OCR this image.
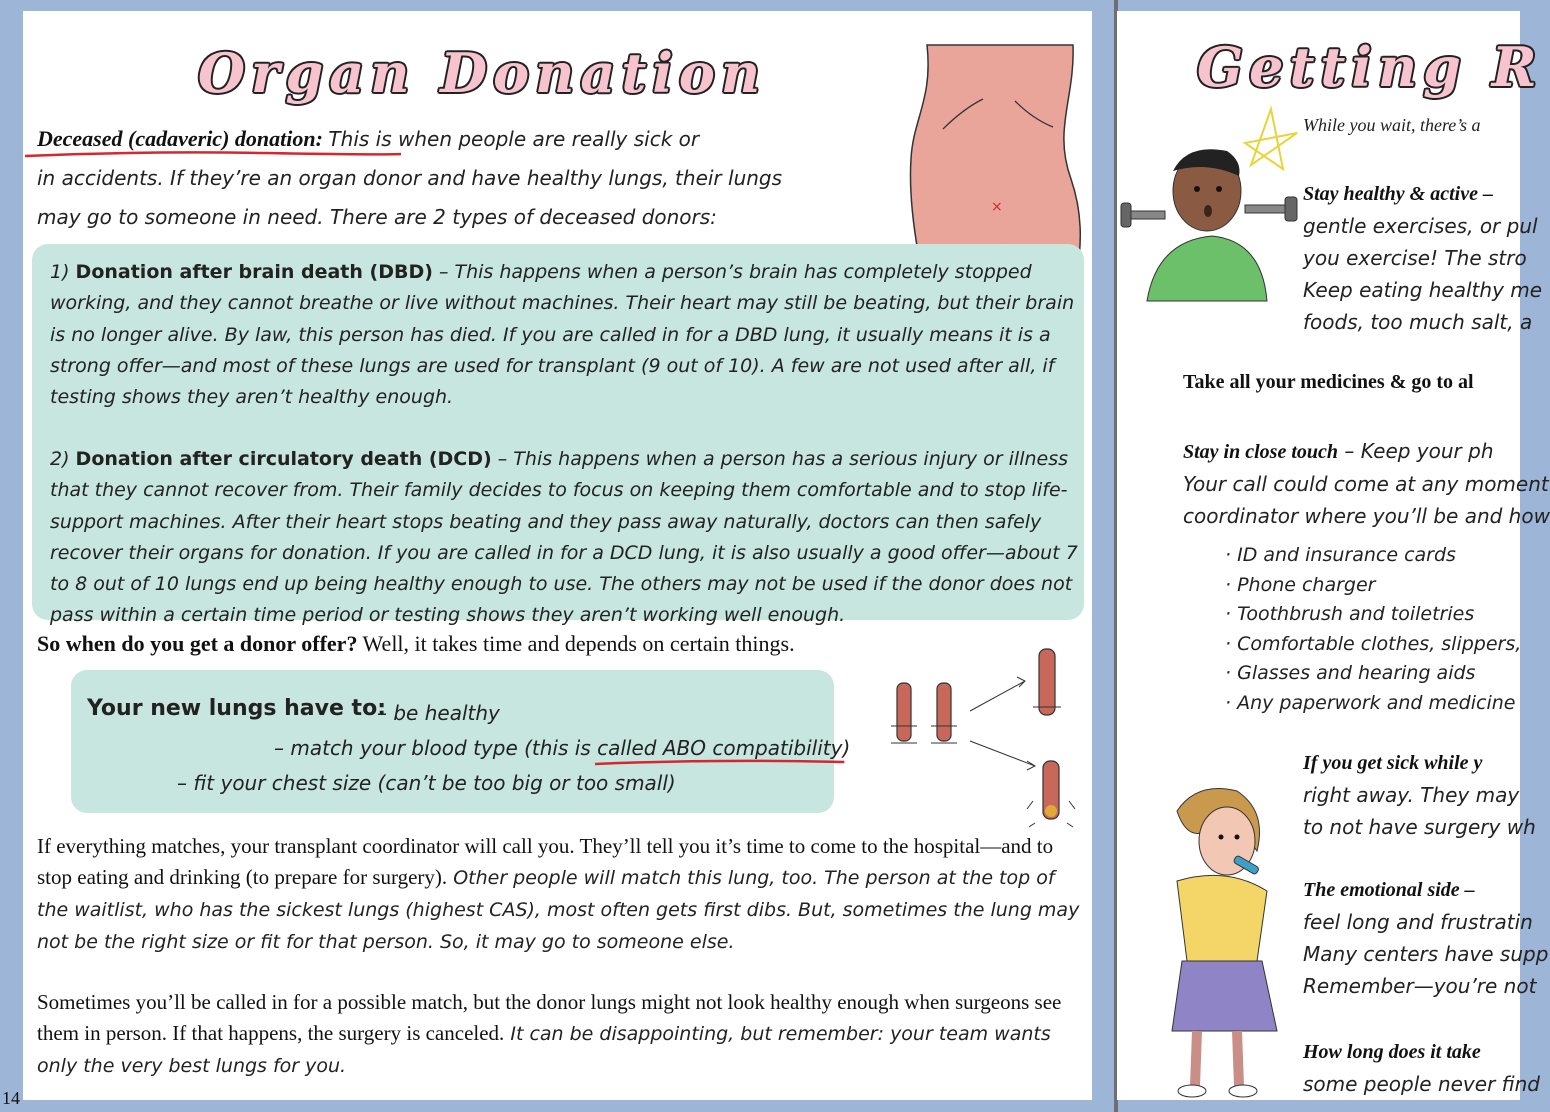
Organ Donation
×
Deceased (cadaveric) donation:
This is when people are really sick or
in accidents. If they’re an organ donor and have healthy lungs, their lungs
may go to someone in need. There are 2 types of deceased donors:
1) Donation after brain death (DBD) – This happens when a person’s brain has completely stopped working, and they cannot breathe or live without machines. Their heart may still be beating, but their brain is no longer alive. By law, this person has died. If you are called in for a DBD lung, it usually means it is a strong offer—and most of these lungs are used for transplant (9 out of 10). A few are not used after all, if testing shows they aren’t healthy enough.
2) Donation after circulatory death (DCD) – This happens when a person has a serious injury or illness that they cannot recover from. Their family decides to focus on keeping them comfortable and to stop life-support machines. After their heart stops beating and they pass away naturally, doctors can then safely recover their organs for donation. If you are called in for a DCD lung, it is also usually a good offer—about 7 to 8 out of 10 lungs end up being healthy enough to use. The others may not be used if the donor does not pass within a certain time period or testing shows they aren’t working well enough.
So when do you get a donor offer? Well, it takes time and depends on certain things.
Your new lungs have to:
– be healthy
– match your blood type (this is called ABO compatibility
)
– fit your chest size (can’t be too big or too small)
If everything matches, your transplant coordinator will call you. They’ll tell you it’s time to come to the hospital—and to stop eating and drinking (to prepare for surgery). Other people will match this lung, too. The person at the top of the waitlist, who has the sickest lungs (highest CAS), most often gets first dibs. But, sometimes the lung may not be the right size or fit for that person. So, it may go to someone else.
Sometimes you’ll be called in for a possible match, but the donor lungs might not look healthy enough when surgeons see them in person. If that happens, the surgery is canceled. It can be disappointing, but remember: your team wants only the very best lungs for you.
14
Getting R
While you wait, there’s a
Stay healthy & active –
gentle exercises, or pul
you exercise! The stro
Keep eating healthy me
foods, too much salt, a
Take all your medicines & go to al
Stay in close touch – Keep your ph
Your call could come at any moment
coordinator where you’ll be and how
· ID and insurance cards
· Phone charger
· Toothbrush and toiletries
· Comfortable clothes, slippers,
· Glasses and hearing aids
· Any paperwork and medicine
If you get sick while y
right away. They may
to not have surgery wh
The emotional side –
feel long and frustratin
Many centers have supp
Remember—you’re not
How long does it take
some people never find
